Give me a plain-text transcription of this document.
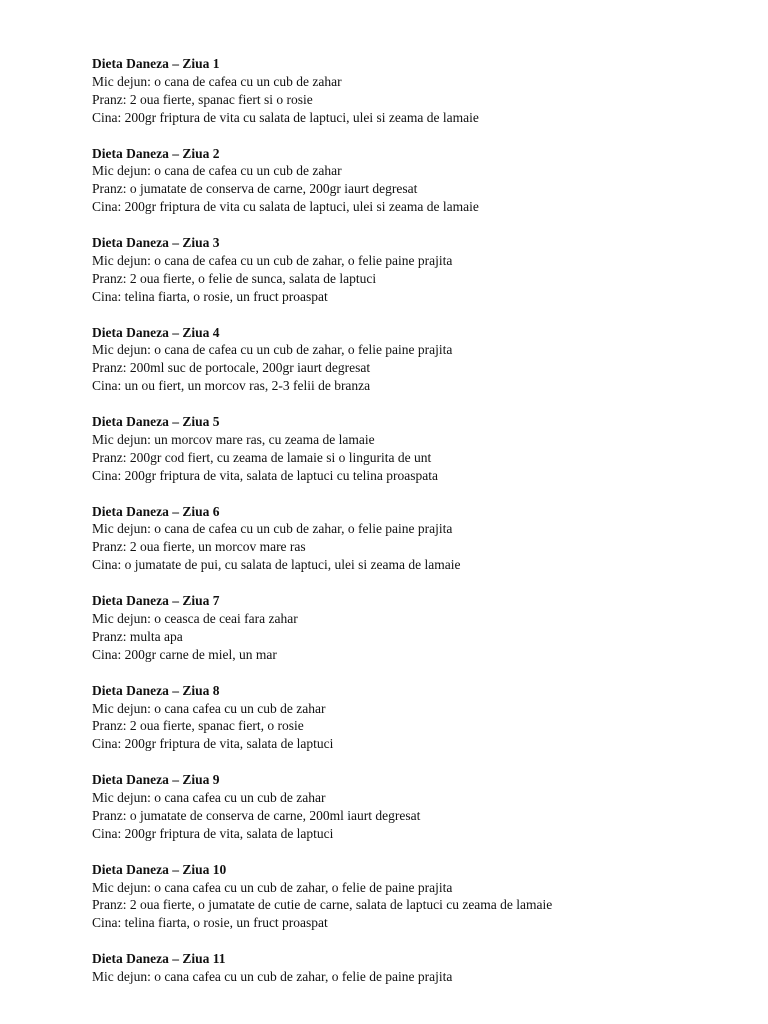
Dieta Daneza – Ziua 1
Mic dejun: o cana de cafea cu un cub de zahar
Pranz: 2 oua fierte, spanac fiert si o rosie
Cina: 200gr friptura de vita cu salata de laptuci, ulei si zeama de lamaie
Dieta Daneza – Ziua 2
Mic dejun: o cana de cafea cu un cub de zahar
Pranz: o jumatate de conserva de carne, 200gr iaurt degresat
Cina: 200gr friptura de vita cu salata de laptuci, ulei si zeama de lamaie
Dieta Daneza – Ziua 3
Mic dejun: o cana de cafea cu un cub de zahar, o felie paine prajita
Pranz: 2 oua fierte, o felie de sunca, salata de laptuci
Cina: telina fiarta, o rosie, un fruct proaspat
Dieta Daneza – Ziua 4
Mic dejun: o cana de cafea cu un cub de zahar, o felie paine prajita
Pranz: 200ml suc de portocale, 200gr iaurt degresat
Cina: un ou fiert, un morcov ras, 2-3 felii de branza
Dieta Daneza – Ziua 5
Mic dejun: un morcov mare ras, cu zeama de lamaie
Pranz: 200gr cod fiert, cu zeama de lamaie si o lingurita de unt
Cina: 200gr friptura de vita, salata de laptuci cu telina proaspata
Dieta Daneza – Ziua 6
Mic dejun: o cana de cafea cu un cub de zahar, o felie paine prajita
Pranz: 2 oua fierte, un morcov mare ras
Cina: o jumatate de pui, cu salata de laptuci, ulei si zeama de lamaie
Dieta Daneza – Ziua 7
Mic dejun: o ceasca de ceai fara zahar
Pranz: multa apa
Cina: 200gr carne de miel, un mar
Dieta Daneza – Ziua 8
Mic dejun: o cana cafea cu un cub de zahar
Pranz: 2 oua fierte, spanac fiert, o rosie
Cina: 200gr friptura de vita, salata de laptuci
Dieta Daneza – Ziua 9
Mic dejun: o cana cafea cu un cub de zahar
Pranz: o jumatate de conserva de carne, 200ml iaurt degresat
Cina: 200gr friptura de vita, salata de laptuci
Dieta Daneza – Ziua 10
Mic dejun: o cana cafea cu un cub de zahar, o felie de paine prajita
Pranz: 2 oua fierte, o jumatate de cutie de carne, salata de laptuci cu zeama de lamaie
Cina: telina fiarta, o rosie, un fruct proaspat
Dieta Daneza – Ziua 11
Mic dejun: o cana cafea cu un cub de zahar, o felie de paine prajita
